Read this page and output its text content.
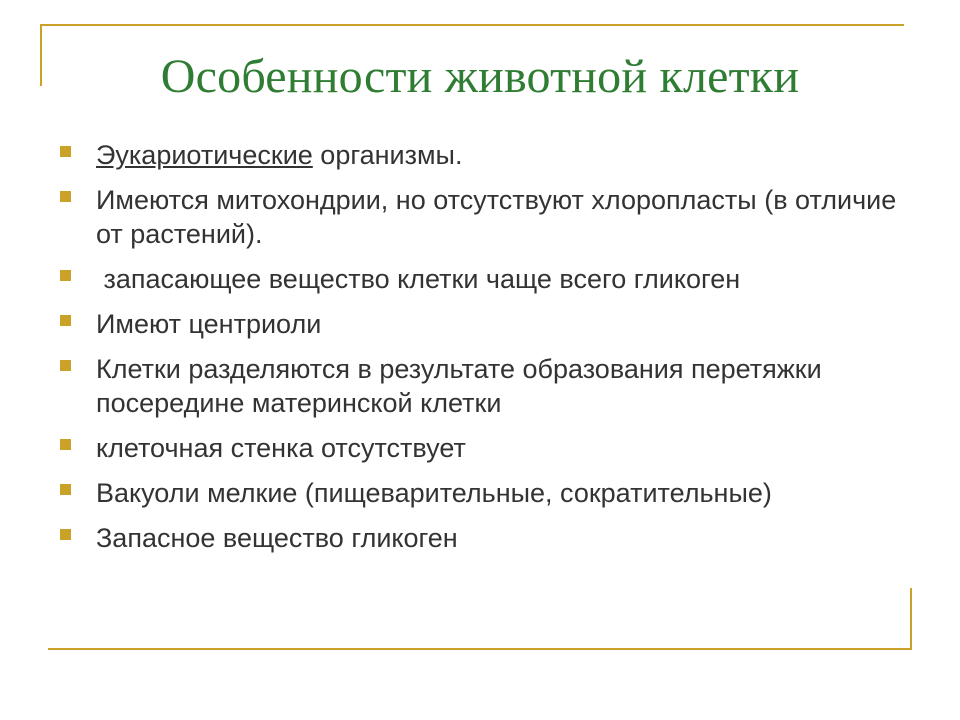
Особенности животной клетки
Эукариотические организмы.
Имеются митохондрии, но отсутствуют хлоропласты (в отличие от растений).
запасающее вещество клетки чаще всего гликоген
Имеют центриоли
Клетки разделяются в результате образования перетяжки посередине материнской клетки
клеточная стенка отсутствует
Вакуоли мелкие (пищеварительные, сократительные)
Запасное вещество гликоген
